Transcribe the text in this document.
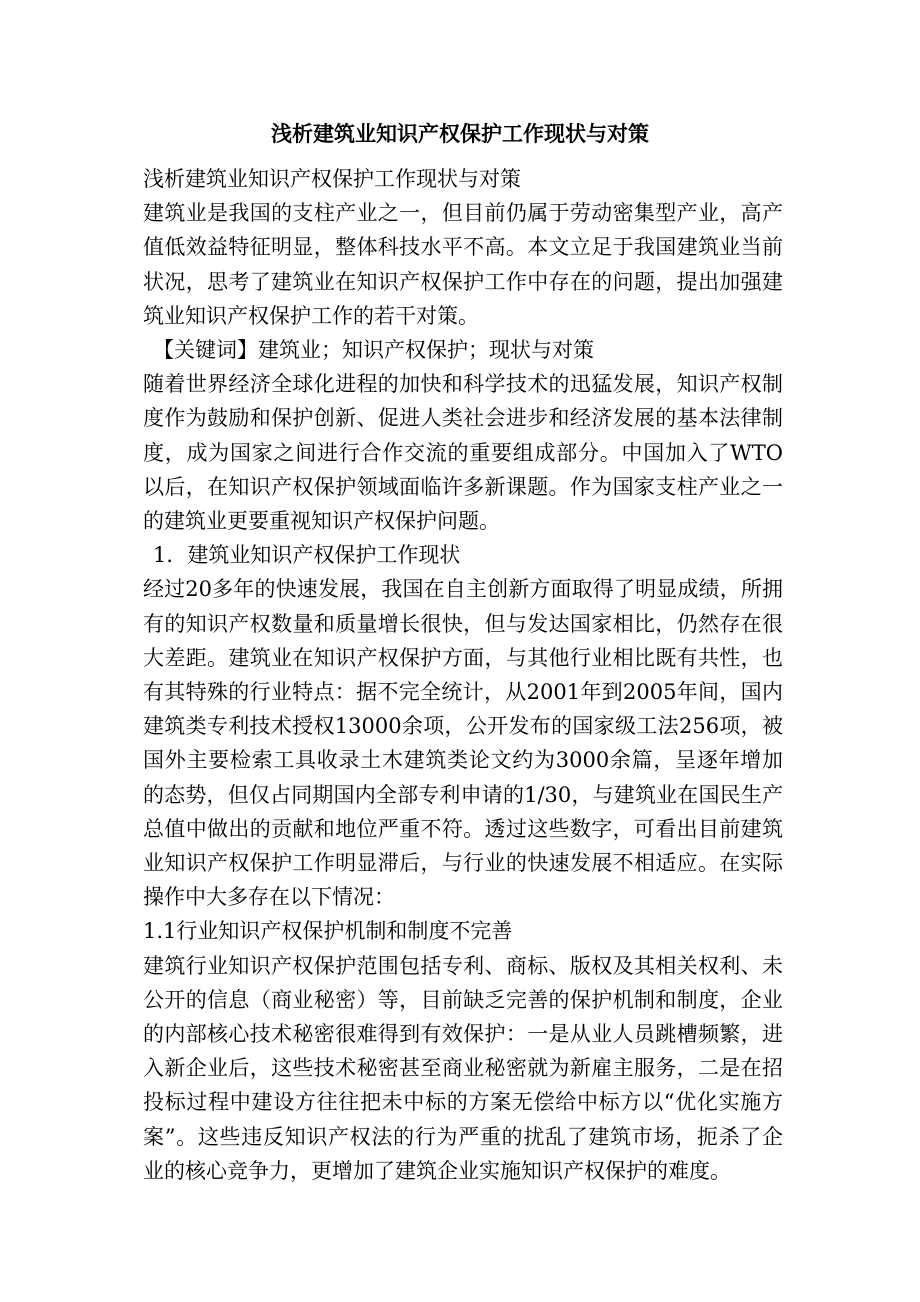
浅析建筑业知识产权保护工作现状与对策

浅析建筑业知识产权保护工作现状与对策

建筑业是我国的支柱产业之一，但目前仍属于劳动密集型产业，高产值低效益特征明显，整体科技水平不高。本文立足于我国建筑业当前状况，思考了建筑业在知识产权保护工作中存在的问题，提出加强建筑业知识产权保护工作的若干对策。

【关键词】建筑业；知识产权保护；现状与对策

随着世界经济全球化进程的加快和科学技术的迅猛发展，知识产权制度作为鼓励和保护创新、促进人类社会进步和经济发展的基本法律制度，成为国家之间进行合作交流的重要组成部分。中国加入了WTO以后，在知识产权保护领域面临许多新课题。作为国家支柱产业之一的建筑业更要重视知识产权保护问题。

1．建筑业知识产权保护工作现状

经过20多年的快速发展，我国在自主创新方面取得了明显成绩，所拥有的知识产权数量和质量增长很快，但与发达国家相比，仍然存在很大差距。建筑业在知识产权保护方面，与其他行业相比既有共性，也有其特殊的行业特点：据不完全统计，从2001年到2005年间，国内建筑类专利技术授权13000余项，公开发布的国家级工法256项，被国外主要检索工具收录土木建筑类论文约为3000余篇，呈逐年增加的态势，但仅占同期国内全部专利申请的1/30，与建筑业在国民生产总值中做出的贡献和地位严重不符。透过这些数字，可看出目前建筑业知识产权保护工作明显滞后，与行业的快速发展不相适应。在实际操作中大多存在以下情况：

1.1行业知识产权保护机制和制度不完善

建筑行业知识产权保护范围包括专利、商标、版权及其相关权利、未公开的信息（商业秘密）等，目前缺乏完善的保护机制和制度，企业的内部核心技术秘密很难得到有效保护：一是从业人员跳槽频繁，进入新企业后，这些技术秘密甚至商业秘密就为新雇主服务，二是在招投标过程中建设方往往把未中标的方案无偿给中标方以“优化实施方案”。这些违反知识产权法的行为严重的扰乱了建筑市场，扼杀了企业的核心竞争力，更增加了建筑企业实施知识产权保护的难度。
